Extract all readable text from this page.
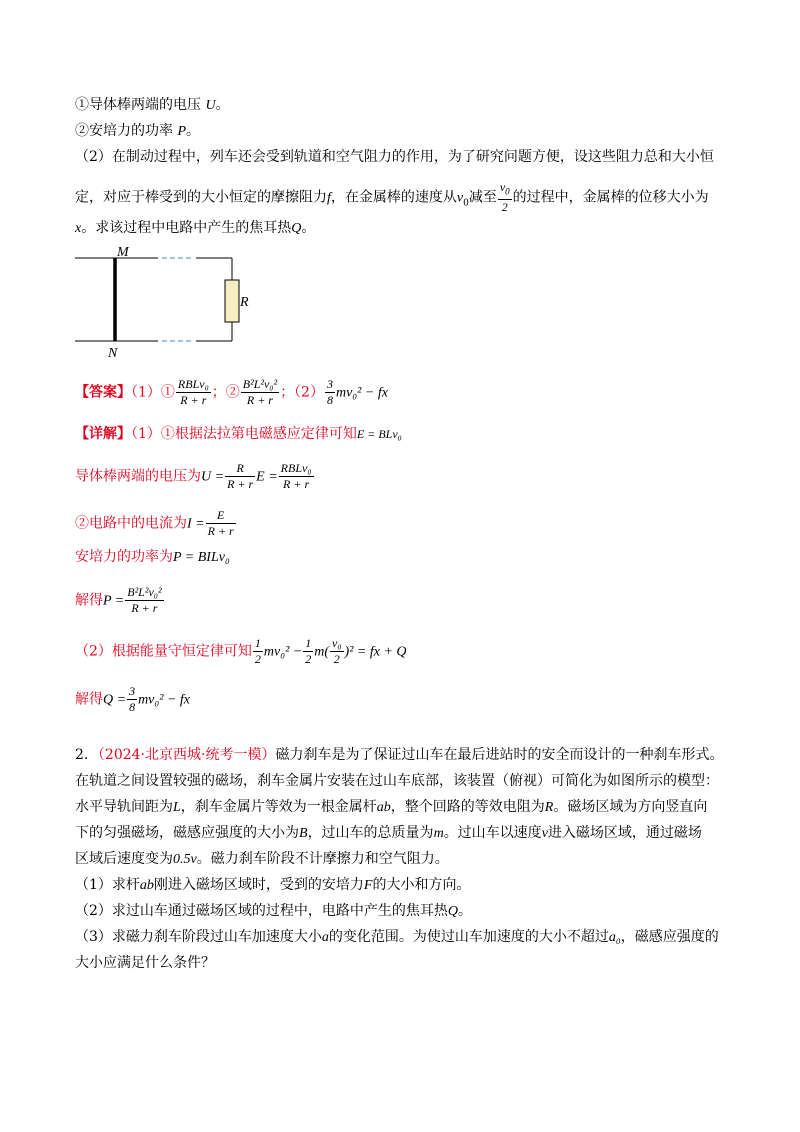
①导体棒两端的电压 U。
②安培力的功率 P。
（2）在制动过程中，列车还会受到轨道和空气阻力的作用，为了研究问题方便，设这些阻力总和大小恒
定，对应于棒受到的大小恒定的摩擦阻力f，在金属棒的速度从$v_0$减至 $\frac{v_0}{2}$ 的过程中，金属棒的位移大小为
x。求该过程中电路中产生的焦耳热Q。
M
N
R
【答案】（1）① $\frac{\text{RBLv₀}}{R + r}$ ；② $\frac{\text{B²L²v₀²}}{R + r}$ ；$(2) \frac{3}{8} mv_0^2$ − fx
【详解】（1）①根据法拉第电磁感应定律可知E = BLv₀
导体棒两端的电压为$U = \frac{R}{R + r}$ $E = \frac{\text{RBLv₀}}{R + r}$
②电路中的电流为$I = \frac{E}{R + r}$
安培力的功率为P = BILv₀
解得$P = \frac{\text{B²L²v₀²}}{R + r}$
（2）根据能量守恒定律可知 $\frac{1}{2} mv_0^2 - \frac{1}{2} m( \frac{\text{v₀}}{2} )^2$ = fx + Q
解得$Q = \frac{3}{8} mv_0^2$ − fx
2．（2024·北京西城·统考一模）磁力刹车是为了保证过山车在最后进站时的安全而设计的一种刹车形式。
在轨道之间设置较强的磁场，刹车金属片安装在过山车底部，该装置（俯视）可简化为如图所示的模型：
水平导轨间距为L，刹车金属片等效为一根金属杆ab，整个回路的等效电阻为R。磁场区域为方向竖直向
下的匀强磁场，磁感应强度的大小为B，过山车的总质量为m。过山车以速度v进入磁场区域，通过磁场
区域后速度变为0.5v。磁力刹车阶段不计摩擦力和空气阻力。
（1）求杆ab刚进入磁场区域时，受到的安培力F的大小和方向。
（2）求过山车通过磁场区域的过程中，电路中产生的焦耳热Q。
（3）求磁力刹车阶段过山车加速度大小a的变化范围。为使过山车加速度的大小不超过a₀，磁感应强度的
大小应满足什么条件？
